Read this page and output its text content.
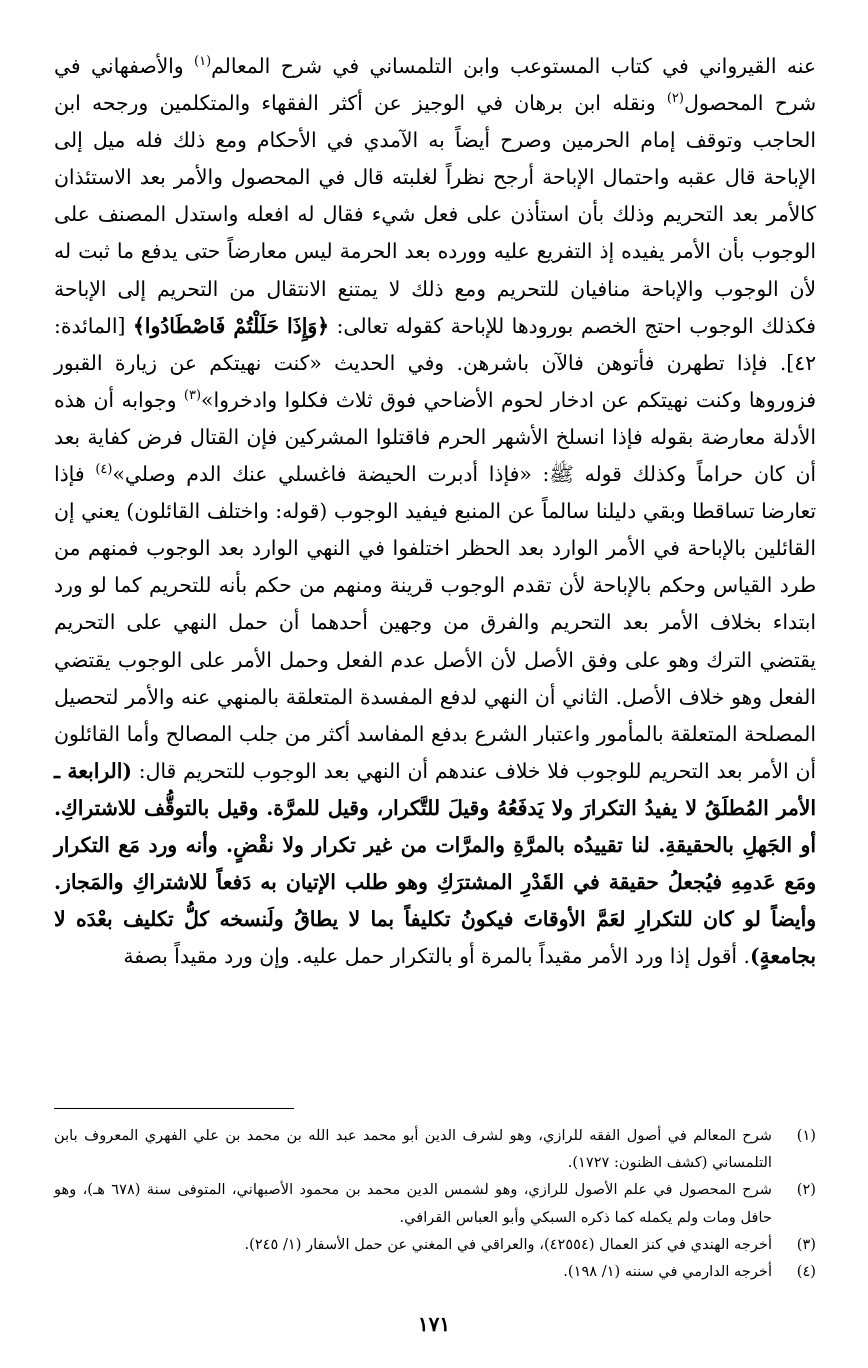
عنه القيرواني في كتاب المستوعب وابن التلمساني في شرح المعالم$^{(١)}$ والأصفهاني في شرح المحصول$^{(٢)}$ ونقله ابن برهان في الوجيز عن أكثر الفقهاء والمتكلمين ورجحه ابن الحاجب وتوقف إمام الحرمين وصرح أيضاً به الآمدي في الأحكام ومع ذلك فله ميل إلى الإباحة قال عقبه واحتمال الإباحة أرجح نظراً لغلبته قال في المحصول والأمر بعد الاستئذان كالأمر بعد التحريم وذلك بأن استأذن على فعل شيء فقال له افعله واستدل المصنف على الوجوب بأن الأمر يفيده إذ التفريع عليه وورده بعد الحرمة ليس معارضاً حتى يدفع ما ثبت له لأن الوجوب والإباحة منافيان للتحريم ومع ذلك لا يمتنع الانتقال من التحريم إلى الإباحة فكذلك الوجوب احتج الخصم بورودها للإباحة كقوله تعالى: ﴿وَإِذَا حَلَلْتُمْ فَاصْطَادُوا﴾ [المائدة: ٤٢]. فإذا تطهرن فأتوهن فالآن باشرهن. وفي الحديث «كنت نهيتكم عن زيارة القبور فزوروها وكنت نهيتكم عن ادخار لحوم الأضاحي فوق ثلاث فكلوا وادخروا»$^{(٣)}$ وجوابه أن هذه الأدلة معارضة بقوله فإذا انسلخ الأشهر الحرم فاقتلوا المشركين فإن القتال فرض كفاية بعد أن كان حراماً وكذلك قوله ﷺ: «فإذا أدبرت الحيضة فاغسلي عنك الدم وصلي»$^{(٤)}$ فإذا تعارضا تساقطا وبقي دليلنا سالماً عن المنبع فيفيد الوجوب (قوله: واختلف القائلون) يعني إن القائلين بالإباحة في الأمر الوارد بعد الحظر اختلفوا في النهي الوارد بعد الوجوب فمنهم من طرد القياس وحكم بالإباحة لأن تقدم الوجوب قرينة ومنهم من حكم بأنه للتحريم كما لو ورد ابتداء بخلاف الأمر بعد التحريم والفرق من وجهين أحدهما أن حمل النهي على التحريم يقتضي الترك وهو على وفق الأصل لأن الأصل عدم الفعل وحمل الأمر على الوجوب يقتضي الفعل وهو خلاف الأصل. الثاني أن النهي لدفع المفسدة المتعلقة بالمنهي عنه والأمر لتحصيل المصلحة المتعلقة بالمأمور واعتبار الشرع بدفع المفاسد أكثر من جلب المصالح وأما القائلون أن الأمر بعد التحريم للوجوب فلا خلاف عندهم أن النهي بعد الوجوب للتحريم قال: (الرابعة ـ الأمر المُطلَقُ لا يفيدُ التكرارَ ولا يَدفَعُهُ وقيلَ للتَّكرار، وقيل للمرَّة. وقيل بالتوقُّف للاشتراكِ. أو الجَهلِ بالحقيقةِ. لنا تقييدُه بالمرَّةِ والمرَّات من غير تكرار ولا نقْضٍ. وأنه ورد مَع التكرار ومَع عَدمِهِ فيُجعلُ حقيقة في القَدْرِ المشترَكِ وهو طلب الإتيان به دَفعاً للاشتراكِ والمَجاز. وأيضاً لو كان للتكرارِ لعَمَّ الأوقاتَ فيكونُ تكليفاً بما لا يطاقُ ولَنسخه كلُّ تكليف بعْدَه لا بجامعةٍ). أقول إذا ورد الأمر مقيداً بالمرة أو بالتكرار حمل عليه. وإن ورد مقيداً بصفة

(١)
شرح المعالم في أصول الفقه للرازي، وهو لشرف الدين أبو محمد عبد الله بن محمد بن علي الفهري المعروف بابن التلمساني (كشف الظنون: ١٧٢٧).
(٢)
شرح المحصول في علم الأصول للرازي، وهو لشمس الدين محمد بن محمود الأصبهاني، المتوفى سنة (٦٧٨ هـ)، وهو حافل ومات ولم يكمله كما ذكره السبكي وأبو العباس القرافي.
(٣)
أخرجه الهندي في كنز العمال (٤٢٥٥٤)، والعراقي في المغني عن حمل الأسفار (١/ ٢٤٥).
(٤)
أخرجه الدارمي في سننه (١/ ١٩٨).
١٧١
